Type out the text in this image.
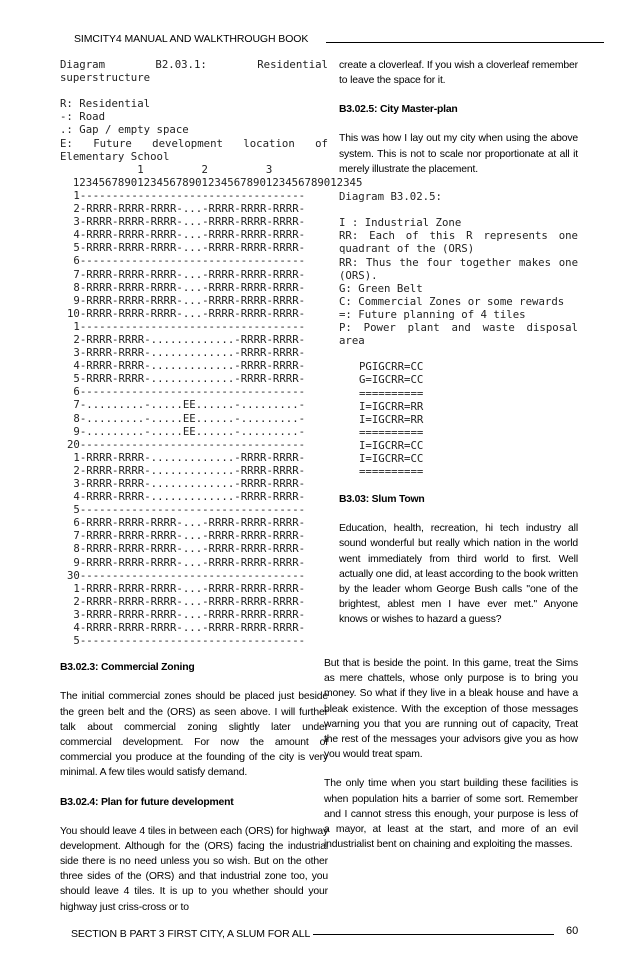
SIMCITY4 MANUAL AND WALKTHROUGH BOOK

Diagram B2.03.1: Residential superstructure

R: Residential

-: Road

.: Gap / empty space

E: Future development location of Elementary School

1         2         3

123456789012345678901234567890123456789012345

1-----------------------------------
2-RRRR-RRRR-RRRR-...-RRRR-RRRR-RRRR-
3-RRRR-RRRR-RRRR-...-RRRR-RRRR-RRRR-
4-RRRR-RRRR-RRRR-...-RRRR-RRRR-RRRR-
5-RRRR-RRRR-RRRR-...-RRRR-RRRR-RRRR-
6-----------------------------------
7-RRRR-RRRR-RRRR-...-RRRR-RRRR-RRRR-
8-RRRR-RRRR-RRRR-...-RRRR-RRRR-RRRR-
9-RRRR-RRRR-RRRR-...-RRRR-RRRR-RRRR-
10-RRRR-RRRR-RRRR-...-RRRR-RRRR-RRRR-
1-----------------------------------
2-RRRR-RRRR-.............-RRRR-RRRR-
3-RRRR-RRRR-.............-RRRR-RRRR-
4-RRRR-RRRR-.............-RRRR-RRRR-
5-RRRR-RRRR-.............-RRRR-RRRR-
6-----------------------------------
7-.........-.....EE......-.........-
8-.........-.....EE......-.........-
9-.........-.....EE......-.........-
20-----------------------------------
1-RRRR-RRRR-.............-RRRR-RRRR-
2-RRRR-RRRR-.............-RRRR-RRRR-
3-RRRR-RRRR-.............-RRRR-RRRR-
4-RRRR-RRRR-.............-RRRR-RRRR-
5-----------------------------------
6-RRRR-RRRR-RRRR-...-RRRR-RRRR-RRRR-
7-RRRR-RRRR-RRRR-...-RRRR-RRRR-RRRR-
8-RRRR-RRRR-RRRR-...-RRRR-RRRR-RRRR-
9-RRRR-RRRR-RRRR-...-RRRR-RRRR-RRRR-
30-----------------------------------
1-RRRR-RRRR-RRRR-...-RRRR-RRRR-RRRR-
2-RRRR-RRRR-RRRR-...-RRRR-RRRR-RRRR-
3-RRRR-RRRR-RRRR-...-RRRR-RRRR-RRRR-
4-RRRR-RRRR-RRRR-...-RRRR-RRRR-RRRR-
5-----------------------------------

B3.02.3: Commercial Zoning

The initial commercial zones should be placed just beside the green belt and the (ORS) as seen above. I will further talk about commercial zoning slightly later under commercial development. For now the amount of commercial you produce at the founding of the city is very minimal. A few tiles would satisfy demand.

B3.02.4: Plan for future development

You should leave 4 tiles in between each (ORS) for highway development. Although for the (ORS) facing the industrial side there is no need unless you so wish. But on the other three sides of the (ORS) and that industrial zone too, you should leave 4 tiles. It is up to you whether should your highway just criss-cross or to

create a cloverleaf. If you wish a cloverleaf remember to leave the space for it.

B3.02.5: City Master-plan

This was how I lay out my city when using the above system. This is not to scale nor proportionate at all it merely illustrate the placement.

Diagram B3.02.5:

I : Industrial Zone

RR: Each of this R represents one quadrant of the (ORS)

RR: Thus the four together makes one (ORS).

G: Green Belt

C: Commercial Zones or some rewards

=: Future planning of 4 tiles

P: Power plant and waste disposal area

PGIGCRR=CC

G=IGCRR=CC

==========

I=IGCRR=RR

I=IGCRR=RR

==========

I=IGCRR=CC

I=IGCRR=CC

==========

B3.03: Slum Town

Education, health, recreation, hi tech industry all sound wonderful but really which nation in the world went immediately from third world to first. Well actually one did, at least according to the book written by the leader whom George Bush calls "one of the brightest, ablest men I have ever met." Anyone knows or wishes to hazard a guess?

But that is beside the point. In this game, treat the Sims as mere chattels, whose only purpose is to bring you money. So what if they live in a bleak house and have a bleak existence. With the exception of those messages warning you that you are running out of capacity, Treat the rest of the messages your advisors give you as how you would treat spam.

The only time when you start building these facilities is when population hits a barrier of some sort. Remember and I cannot stress this enough, your purpose is less of a mayor, at least at the start, and more of an evil industrialist bent on chaining and exploiting the masses.

SECTION B PART 3 FIRST CITY, A SLUM FOR ALL	60
